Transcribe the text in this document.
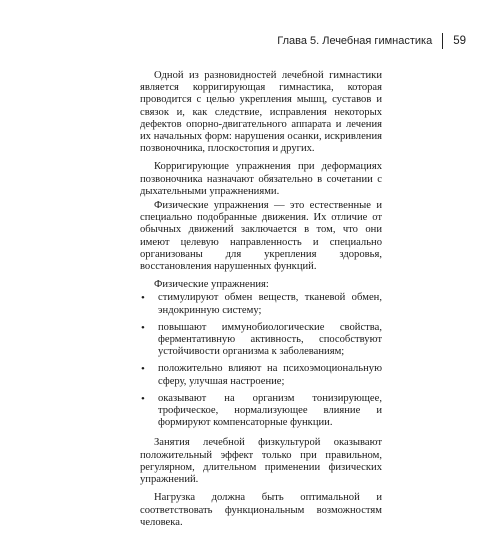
Глава 5. Лечебная гимнастика 59

Одной из разновидностей лечебной гимнастики является корригирующая гимнастика, которая проводится с целью укрепления мышц, суставов и связок и, как следствие, исправления некоторых дефектов опорно-двигательного аппарата и лечения их начальных форм: нарушения осанки, искривления позвоночника, плоскостопия и других.

Корригирующие упражнения при деформациях позвоночника назначают обязательно в сочетании с дыхательными упражнениями.

Физические упражнения — это естественные и специально подобранные движения. Их отличие от обычных движений заключается в том, что они имеют целевую направленность и специально организованы для укрепления здоровья, восстановления нарушенных функций.

Физические упражнения:

• стимулируют обмен веществ, тканевой обмен, эндокринную систему;
• повышают иммунобиологические свойства, ферментативную активность, способствуют устойчивости организма к заболеваниям;
• положительно влияют на психоэмоциональную сферу, улучшая настроение;
• оказывают на организм тонизирующее, трофическое, нормализующее влияние и формируют компенсаторные функции.

Занятия лечебной физкультурой оказывают положительный эффект только при правильном, регулярном, длительном применении физических упражнений.

Нагрузка должна быть оптимальной и соответствовать функциональным возможностям человека.
